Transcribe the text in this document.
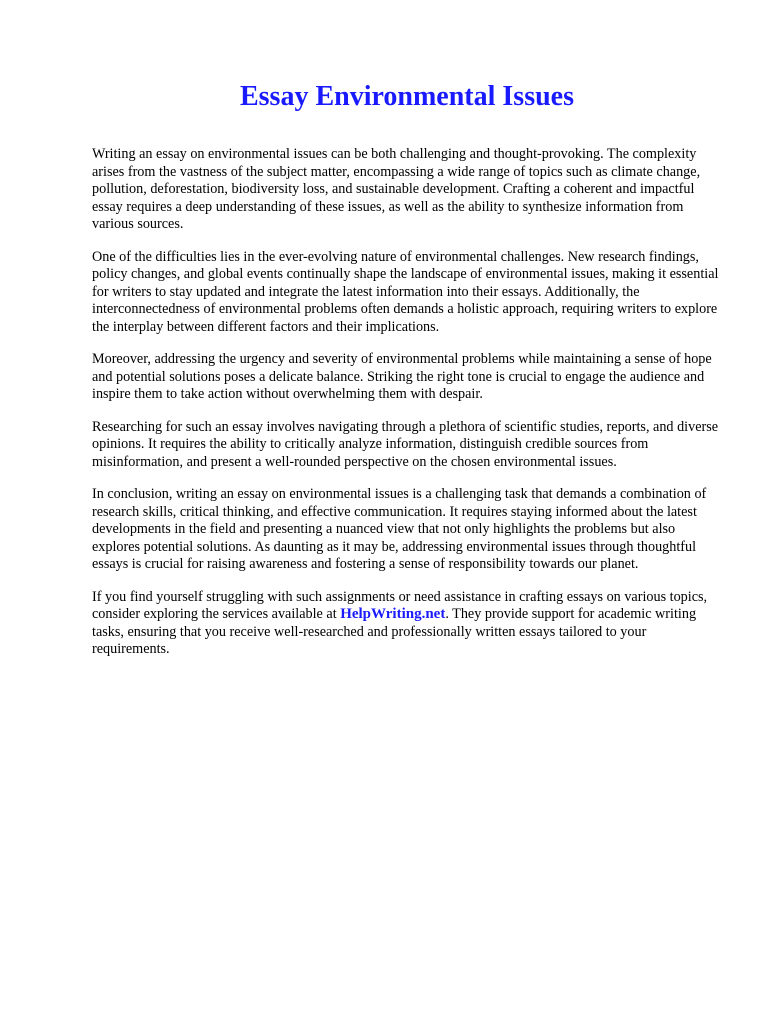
Essay Environmental Issues

Writing an essay on environmental issues can be both challenging and thought-provoking. The complexity arises from the vastness of the subject matter, encompassing a wide range of topics such as climate change, pollution, deforestation, biodiversity loss, and sustainable development. Crafting a coherent and impactful essay requires a deep understanding of these issues, as well as the ability to synthesize information from various sources.

One of the difficulties lies in the ever-evolving nature of environmental challenges. New research findings, policy changes, and global events continually shape the landscape of environmental issues, making it essential for writers to stay updated and integrate the latest information into their essays. Additionally, the interconnectedness of environmental problems often demands a holistic approach, requiring writers to explore the interplay between different factors and their implications.

Moreover, addressing the urgency and severity of environmental problems while maintaining a sense of hope and potential solutions poses a delicate balance. Striking the right tone is crucial to engage the audience and inspire them to take action without overwhelming them with despair.

Researching for such an essay involves navigating through a plethora of scientific studies, reports, and diverse opinions. It requires the ability to critically analyze information, distinguish credible sources from misinformation, and present a well-rounded perspective on the chosen environmental issues.

In conclusion, writing an essay on environmental issues is a challenging task that demands a combination of research skills, critical thinking, and effective communication. It requires staying informed about the latest developments in the field and presenting a nuanced view that not only highlights the problems but also explores potential solutions. As daunting as it may be, addressing environmental issues through thoughtful essays is crucial for raising awareness and fostering a sense of responsibility towards our planet.

If you find yourself struggling with such assignments or need assistance in crafting essays on various topics, consider exploring the services available at HelpWriting.net. They provide support for academic writing tasks, ensuring that you receive well-researched and professionally written essays tailored to your requirements.
